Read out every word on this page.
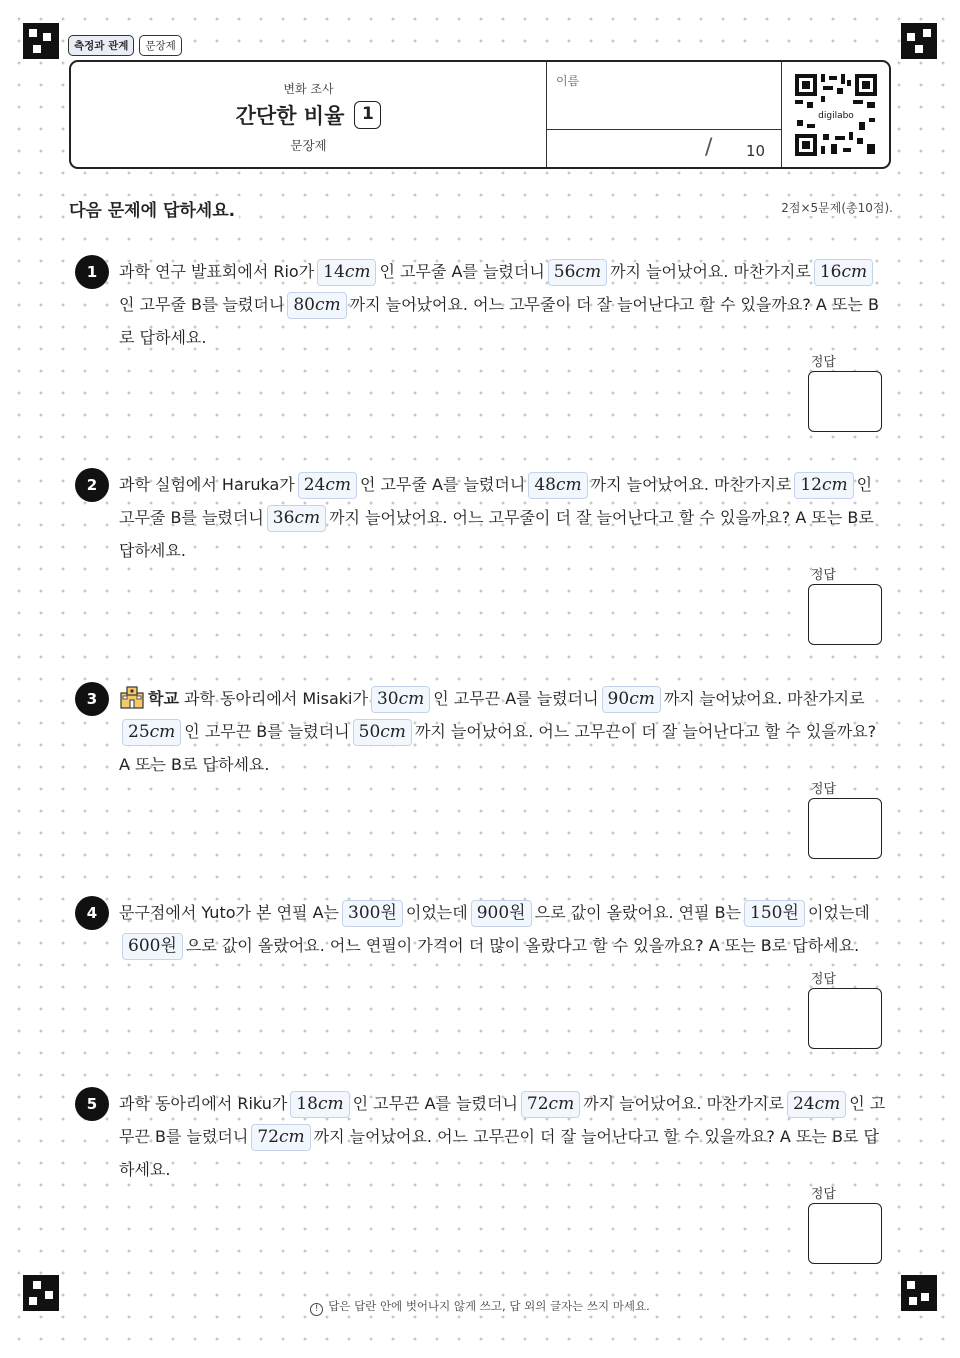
측정과 관계	문장제
변화 조사
간단한 비율	1
문장제
이름
/ 10
digilabo
다음 문제에 답하세요.	2점×5문제(총10점).
1	과학 연구 발표회에서 Rio가 14cm 인 고무줄 A를 늘렸더니 56cm 까지 늘어났어요. 마찬가지로 16cm인 고무줄 B를 늘렸더니 80cm 까지 늘어났어요. 어느 고무줄이 더 잘 늘어난다고 할 수 있을까요? A 또는 B로 답하세요.
정답
2	과학 실험에서 Haruka가 24cm 인 고무줄 A를 늘렸더니 48cm 까지 늘어났어요. 마찬가지로 12cm 인 고무줄 B를 늘렸더니 36cm 까지 늘어났어요. 어느 고무줄이 더 잘 늘어난다고 할 수 있을까요? A 또는 B로 답하세요.
정답
3	학교 과학 동아리에서 Misaki가 30cm 인 고무끈 A를 늘렸더니 90cm 까지 늘어났어요. 마찬가지로25cm 인 고무끈 B를 늘렸더니 50cm 까지 늘어났어요. 어느 고무끈이 더 잘 늘어난다고 할 수 있을까요? A 또는 B로 답하세요.
정답
4	문구점에서 Yuto가 본 연필 A는 300원 이었는데 900원 으로 값이 올랐어요. 연필 B는 150원 이었는데600원 으로 값이 올랐어요. 어느 연필이 가격이 더 많이 올랐다고 할 수 있을까요? A 또는 B로 답하세요.
정답
5	과학 동아리에서 Riku가 18cm 인 고무끈 A를 늘렸더니 72cm 까지 늘어났어요. 마찬가지로 24cm 인 고무끈 B를 늘렸더니 72cm 까지 늘어났어요. 어느 고무끈이 더 잘 늘어난다고 할 수 있을까요? A 또는 B로 답하세요.
정답
! 답은 답란 안에 벗어나지 않게 쓰고, 답 외의 글자는 쓰지 마세요.
